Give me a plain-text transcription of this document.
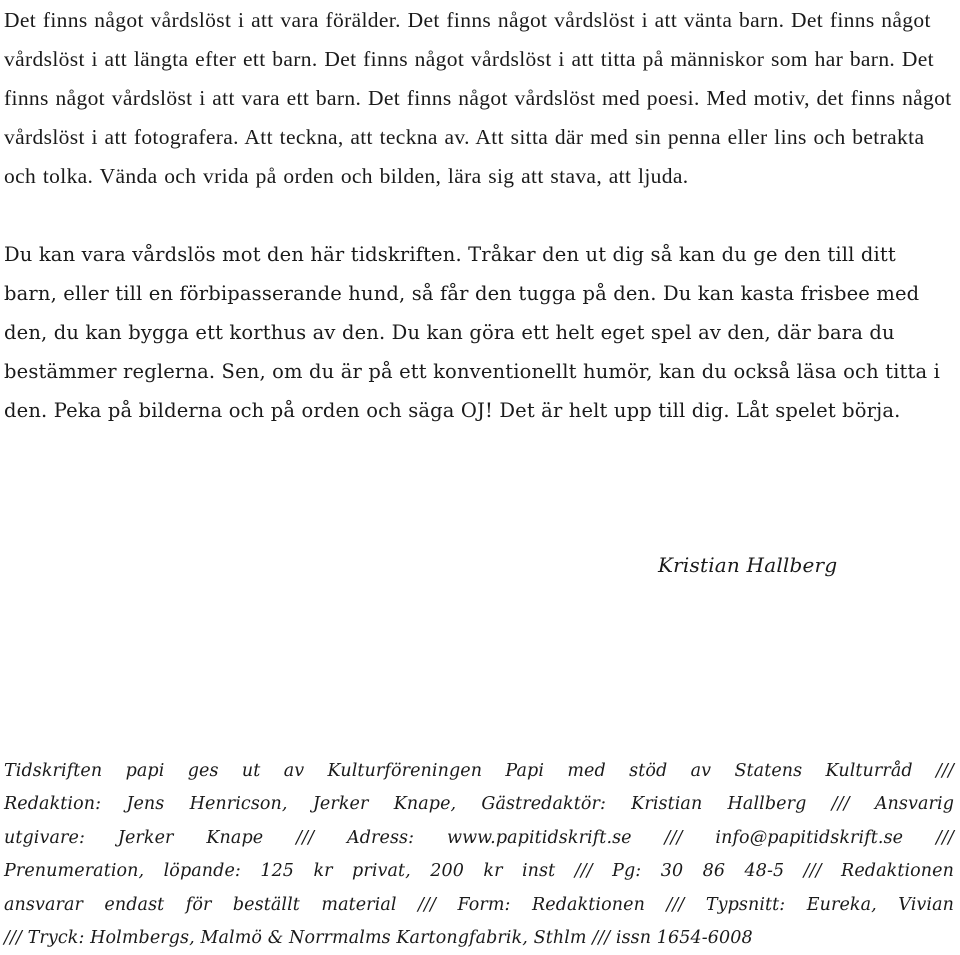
Det finns något vårdslöst i att vara förälder. Det finns något vårdslöst i att vänta barn. Det finns något vårdslöst i att längta efter ett barn. Det finns något vårdslöst i att titta på människor som har barn. Det finns något vårdslöst i att vara ett barn. Det finns något vårdslöst med poesi. Med motiv, det finns något vårdslöst i att fotografera. Att teckna, att teckna av. Att sitta där med sin penna eller lins och betrakta och tolka. Vända och vrida på orden och bilden, lära sig att stava, att ljuda.

Du kan vara vårdslös mot den här tidskriften. Tråkar den ut dig så kan du ge den till ditt barn, eller till en förbipasserande hund, så får den tugga på den. Du kan kasta frisbee med den, du kan bygga ett korthus av den. Du kan göra ett helt eget spel av den, där bara du bestämmer reglerna. Sen, om du är på ett konventionellt humör, kan du också läsa och titta i den. Peka på bilderna och på orden och säga OJ! Det är helt upp till dig. Låt spelet börja.

Kristian Hallberg
Tidskriften papi ges ut av Kulturföreningen Papi med stöd av Statens Kulturråd ///
Redaktion: Jens Henricson, Jerker Knape, Gästredaktör: Kristian Hallberg /// Ansvarig
utgivare: Jerker Knape /// Adress: www.papitidskrift.se /// info@papitidskrift.se ///
Prenumeration, löpande: 125 kr privat, 200 kr inst /// Pg: 30 86 48-5 /// Redaktionen
ansvarar endast för beställt material /// Form: Redaktionen /// Typsnitt: Eureka, Vivian
/// Tryck: Holmbergs, Malmö & Norrmalms Kartongfabrik, Sthlm /// issn 1654-6008
